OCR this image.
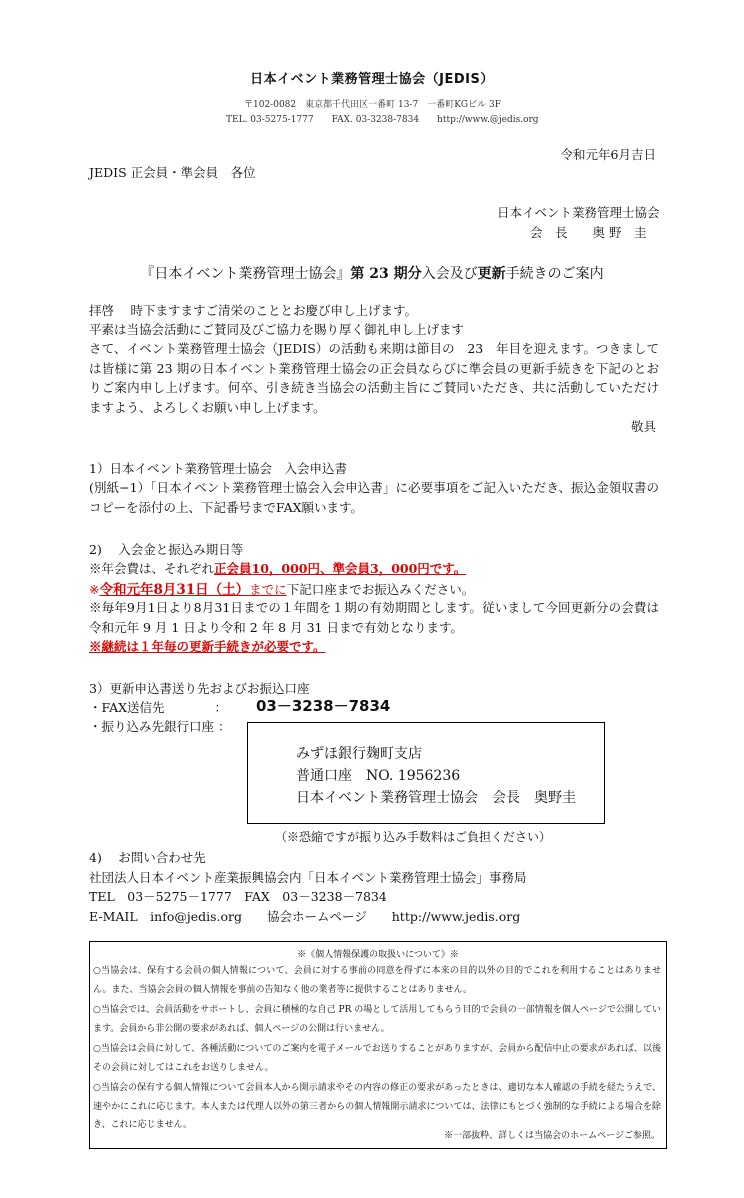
日本イベント業務管理士協会（JEDIS）
〒102-0082　東京都千代田区一番町 13-7　一番町KGビル 3F
TEL. 03-5275-1777　　FAX. 03-3238-7834　　http://www.@jedis.org
令和元年6月吉日
JEDIS 正会員・準会員　各位
日本イベント業務管理士協会
会　長　　奥 野　圭
『日本イベント業務管理士協会』第 23 期分入会及び更新手続きのご案内
拝啓　 時下ますますご清栄のこととお慶び申し上げます。
平素は当協会活動にご賛同及びご協力を賜り厚く御礼申し上げます
さて、イベント業務管理士協会（JEDIS）の活動も来期は節目の　23　年目を迎えます。つきましては皆様に第 23 期の日本イベント業務管理士協会の正会員ならびに準会員の更新手続きを下記のとおりご案内申し上げます。何卒、引き続き当協会の活動主旨にご賛同いただき、共に活動していただけますよう、よろしくお願い申し上げます。
敬具
1）日本イベント業務管理士協会　入会申込書
(別紙−1）「日本イベント業務管理士協会入会申込書」に必要事項をご記入いただき、振込金領収書のコピーを添付の上、下記番号までFAX願います。
2)　 入会金と振込み期日等
※年会費は、それぞれ正会員10，000円、準会員3，000円です。
※令和元年8月31日（土）までに下記口座までお振込みください。
※毎年9月1日より8月31日までの１年間を１期の有効期間とします。従いまして今回更新分の会費は令和元年 9 月 1 日より令和 2 年 8 月 31 日まで有効となります。
※継続は１年毎の更新手続きが必要です。
3）更新申込書送り先およびお振込口座
・FAX送信先　　　　： 03－3238－7834
・振り込み先銀行口座 ：
みずほ銀行麹町支店
普通口座　NO. 1956236
日本イベント業務管理士協会　会長　奥野圭
（※恐縮ですが振り込み手数料はご負担ください）
4)　 お問い合わせ先
社団法人日本イベント産業振興協会内「日本イベント業務管理士協会」事務局
TEL　03－5275－1777　FAX　03－3238－7834
E-MAIL　info@jedis.org　　協会ホームページ　　http://www.jedis.org
※《個人情報保護の取扱いについて》※
○当協会は、保有する会員の個人情報について、会員に対する事前の同意を得ずに本来の目的以外の目的でこれを利用することはありません。また、当協会会員の個人情報を事前の告知なく他の業者等に提供することはありません。
○当協会では、会員活動をサポートし、会員に積極的な自己 PR の場として活用してもらう目的で会員の一部情報を個人ページで公開しています。会員から非公開の要求があれば、個人ページの公開は行いません。
○当協会は会員に対して、各種活動についてのご案内を電子メールでお送りすることがありますが、会員から配信中止の要求があれば、以後その会員に対してはこれをお送りしません。
○当協会の保有する個人情報について会員本人から開示請求やその内容の修正の要求があったときは、適切な本人確認の手続を経たうえで、速やかにこれに応じます。本人または代理人以外の第三者からの個人情報開示請求については、法律にもとづく強制的な手続による場合を除き、これに応じません。
※一部抜粋、詳しくは当協会のホームページご参照。
